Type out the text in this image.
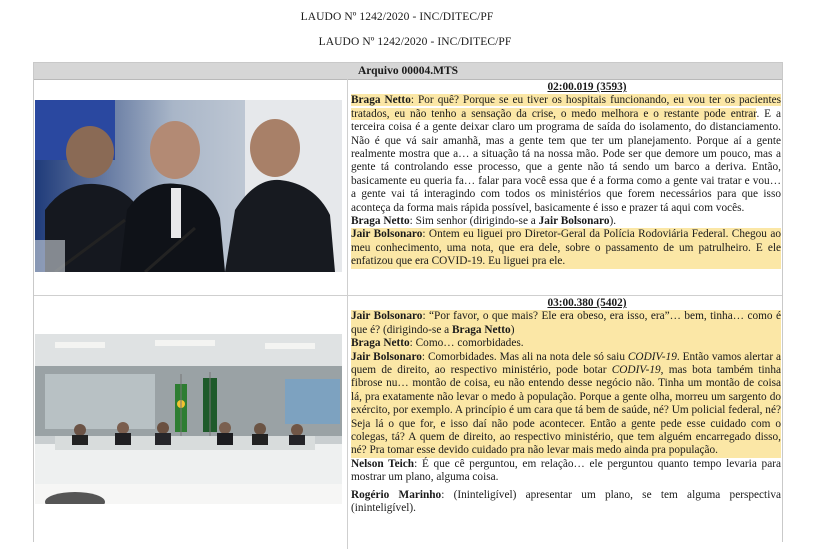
LAUDO Nº 1242/2020 - INC/DITEC/PF
LAUDO Nº 1242/2020 - INC/DITEC/PF
Arquivo 00004.MTS
02:00.019 (3593)
Braga Netto: Por quê? Porque se eu tiver os hospitais funcionando, eu vou ter os pacientes tratados, eu não tenho a sensação da crise, o medo melhora e o restante pode entrar. E a terceira coisa é a gente deixar claro um programa de saída do isolamento, do distanciamento. Não é que vá sair amanhã, mas a gente tem que ter um planejamento. Porque aí a gente realmente mostra que a… a situação tá na nossa mão. Pode ser que demore um pouco, mas a gente tá controlando esse processo, que a gente não tá sendo um barco a deriva. Então, basicamente eu queria fa… falar para você essa que é a forma como a gente vai tratar e vou… a gente vai tá interagindo com todos os ministérios que forem necessários para que isso aconteça da forma mais rápida possível, basicamente é isso e prazer tá aqui com vocês.
Braga Netto: Sim senhor (dirigindo-se a Jair Bolsonaro).
Jair Bolsonaro: Ontem eu liguei pro Diretor-Geral da Polícia Rodoviária Federal. Chegou ao meu conhecimento, uma nota, que era dele, sobre o passamento de um patrulheiro. E ele enfatizou que era COVID-19. Eu liguei pra ele.
03:00.380 (5402)
Jair Bolsonaro: “Por favor, o que mais? Ele era obeso, era isso, era”… bem, tinha… como é que é? (dirigindo-se a Braga Netto)
Braga Netto: Como… comorbidades.
Jair Bolsonaro: Comorbidades. Mas ali na nota dele só saiu CODIV-19. Então vamos alertar a quem de direito, ao respectivo ministério, pode botar CODIV-19, mas bota também tinha fibrose nu… montão de coisa, eu não entendo desse negócio não. Tinha um montão de coisa lá, pra exatamente não levar o medo à população. Porque a gente olha, morreu um sargento do exército, por exemplo. A princípio é um cara que tá bem de saúde, né? Um policial federal, né? Seja lá o que for, e isso daí não pode acontecer. Então a gente pede esse cuidado com o colegas, tá? A quem de direito, ao respectivo ministério, que tem alguém encarregado disso, né? Pra tomar esse devido cuidado pra não levar mais medo ainda pra população.
Nelson Teich: É que cê perguntou, em relação… ele perguntou quanto tempo levaria para mostrar um plano, alguma coisa.
Rogério Marinho: (Ininteligível) apresentar um plano, se tem alguma perspectiva (ininteligível).
